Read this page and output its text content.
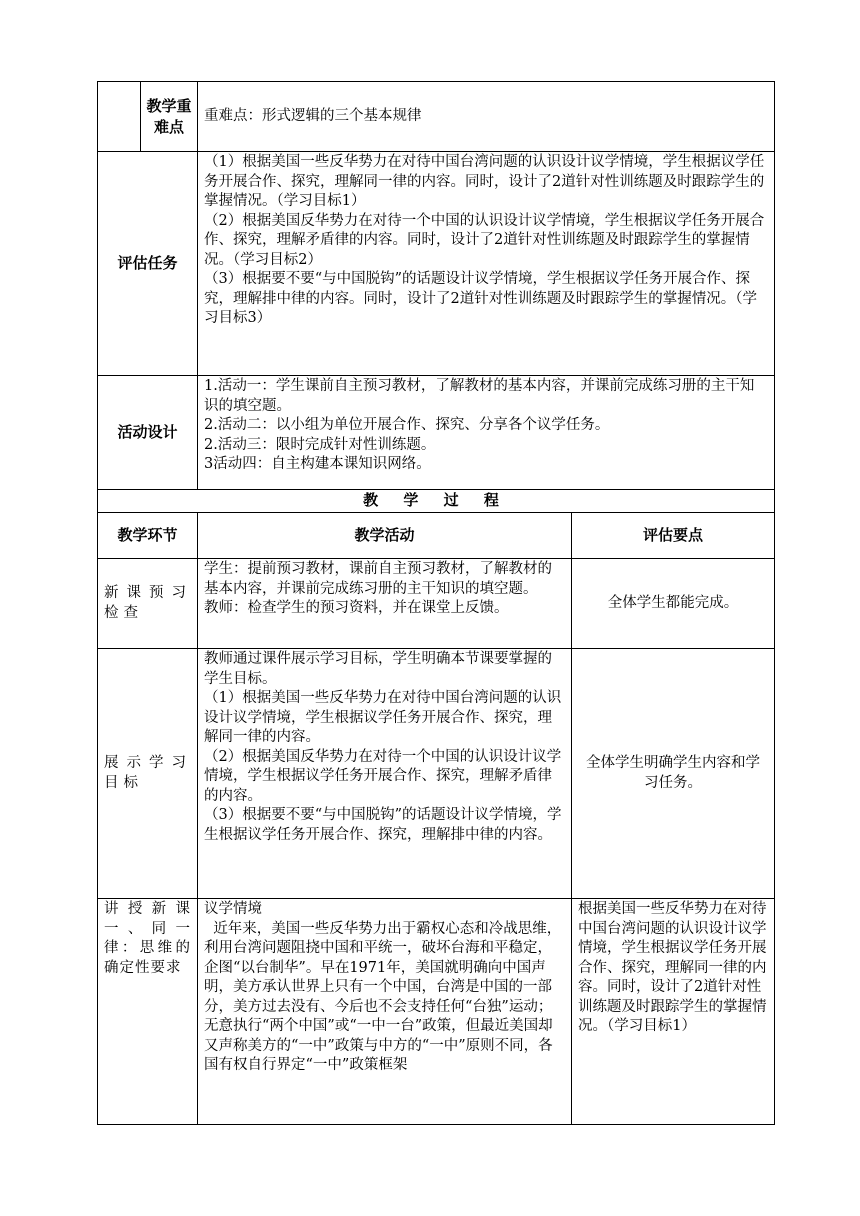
	教学重难点	重难点：形式逻辑的三个基本规律	
评估任务		（1）根据美国一些反华势力在对待中国台湾问题的认识设计议学情境，学生根据议学任务开展合作、探究，理解同一律的内容。同时，设计了2道针对性训练题及时跟踪学生的掌握情况。（学习目标1）
（2）根据美国反华势力在对待一个中国的认识设计议学情境，学生根据议学任务开展合作、探究，理解矛盾律的内容。同时，设计了2道针对性训练题及时跟踪学生的掌握情况。（学习目标2）
（3）根据要不要“与中国脱钩”的话题设计议学情境，学生根据议学任务开展合作、探究，理解排中律的内容。同时，设计了2道针对性训练题及时跟踪学生的掌握情况。（学习目标3）	

活动设计		1.活动一：学生课前自主预习教材，了解教材的基本内容，并课前完成练习册的主干知识的填空题。
2.活动二：以小组为单位开展合作、探究、分享各个议学任务。
2.活动三：限时完成针对性训练题。
3活动四：自主构建本课知识网络。	

教 学 过 程			
教学环节		教学活动	评估要点
新课预习检查		学生：提前预习教材，课前自主预习教材，了解教材的基本内容，并课前完成练习册的主干知识的填空题。
教师：检查学生的预习资料，并在课堂上反馈。	全体学生都能完成。
展示学习目标		教师通过课件展示学习目标，学生明确本节课要掌握的学生目标。
（1）根据美国一些反华势力在对待中国台湾问题的认识设计议学情境，学生根据议学任务开展合作、探究，理解同一律的内容。
（2）根据美国反华势力在对待一个中国的认识设计议学情境，学生根据议学任务开展合作、探究，理解矛盾律的内容。
（3）根据要不要“与中国脱钩”的话题设计议学情境，学生根据议学任务开展合作、探究，理解排中律的内容。	全体学生明确学生内容和学习任务。
讲授新课一、同一律：思维的确定性要求		议学情境
近年来，美国一些反华势力出于霸权心态和冷战思维，利用台湾问题阻挠中国和平统一，破坏台海和平稳定，企图“以台制华”。早在1971年，美国就明确向中国声明，美方承认世界上只有一个中国，台湾是中国的一部分，美方过去没有、今后也不会支持任何“台独”运动；无意执行“两个中国”或“一中一台”政策，但最近美国却又声称美方的“一中”政策与中方的“一中”原则不同，各国有权自行界定“一中”政策框架	根据美国一些反华势力在对待中国台湾问题的认识设计议学情境，学生根据议学任务开展合作、探究，理解同一律的内容。同时，设计了2道针对性训练题及时跟踪学生的掌握情况。（学习目标1）
